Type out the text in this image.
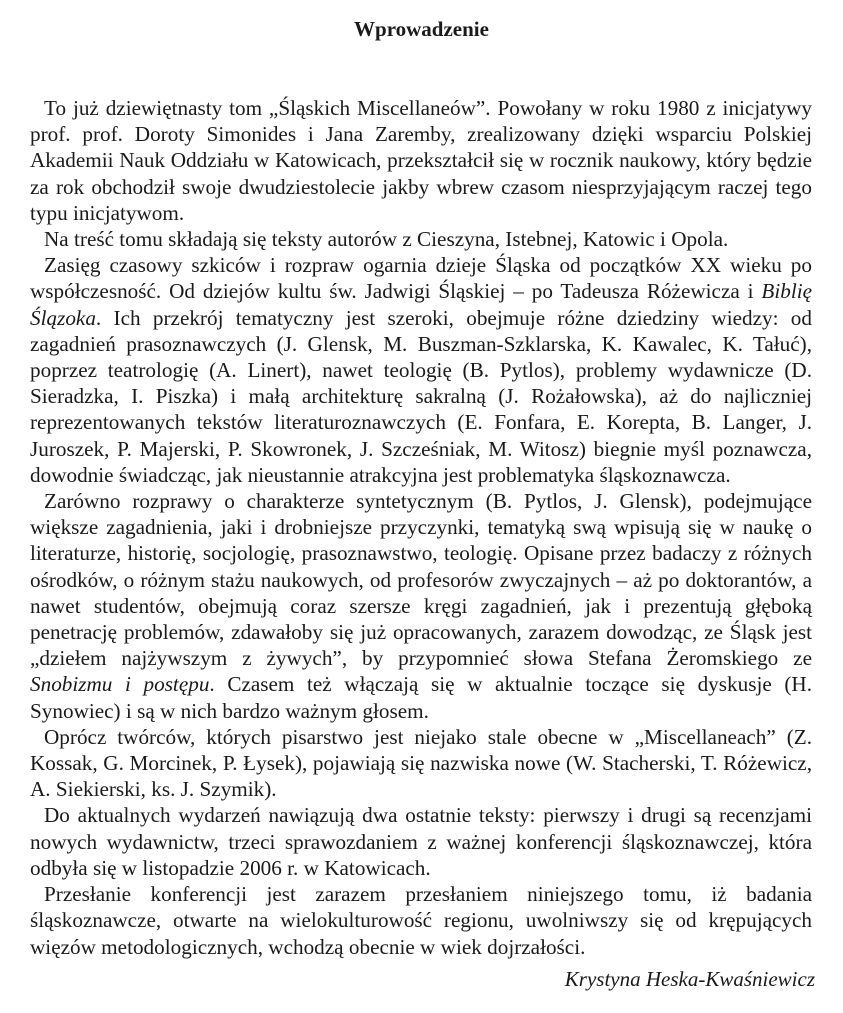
Wprowadzenie

To już dziewiętnasty tom „Śląskich Miscellaneów”. Powołany w roku 1980 z inicjatywy prof. prof. Doroty Simonides i Jana Zaremby, zrealizowany dzięki wsparciu Polskiej Akademii Nauk Oddziału w Katowicach, przekształcił się w rocznik naukowy, który będzie za rok obchodził swoje dwudziestolecie jakby wbrew czasom niesprzyjającym raczej tego typu inicjatywom.

Na treść tomu składają się teksty autorów z Cieszyna, Istebnej, Katowic i Opola.

Zasięg czasowy szkiców i rozpraw ogarnia dzieje Śląska od początków XX wieku po współczesność. Od dziejów kultu św. Jadwigi Śląskiej – po Tadeusza Różewicza i Biblię Ślązoka. Ich przekrój tematyczny jest szeroki, obejmuje różne dziedziny wiedzy: od zagadnień prasoznawczych (J. Glensk, M. Buszman-Szklarska, K. Kawalec, K. Tałuć), poprzez teatrologię (A. Linert), nawet teologię (B. Pytlos), problemy wydawnicze (D. Sieradzka, I. Piszka) i małą architekturę sakralną (J. Rożałowska), aż do najliczniej reprezentowanych tekstów literaturoznawczych (E. Fonfara, E. Korepta, B. Langer, J. Juroszek, P. Majerski, P. Skowronek, J. Szcześniak, M. Witosz) biegnie myśl poznawcza, dowodnie świadcząc, jak nieustannie atrakcyjna jest problematyka śląskoznawcza.

Zarówno rozprawy o charakterze syntetycznym (B. Pytlos, J. Glensk), podejmujące większe zagadnienia, jaki i drobniejsze przyczynki, tematyką swą wpisują się w naukę o literaturze, historię, socjologię, prasoznawstwo, teologię. Opisane przez badaczy z różnych ośrodków, o różnym stażu naukowych, od profesorów zwyczajnych – aż po doktorantów, a nawet studentów, obejmują coraz szersze kręgi zagadnień, jak i prezentują głęboką penetrację problemów, zdawałoby się już opracowanych, zarazem dowodząc, ze Śląsk jest „dziełem najżywszym z żywych”, by przypomnieć słowa Stefana Żeromskiego ze Snobizmu i postępu. Czasem też włączają się w aktualnie toczące się dyskusje (H. Synowiec) i są w nich bardzo ważnym głosem.

Oprócz twórców, których pisarstwo jest niejako stale obecne w „Miscellaneach” (Z. Kossak, G. Morcinek, P. Łysek), pojawiają się nazwiska nowe (W. Stacherski, T. Różewicz, A. Siekierski, ks. J. Szymik).

Do aktualnych wydarzeń nawiązują dwa ostatnie teksty: pierwszy i drugi są recenzjami nowych wydawnictw, trzeci sprawozdaniem z ważnej konferencji śląskoznawczej, która odbyła się w listopadzie 2006 r. w Katowicach.

Przesłanie konferencji jest zarazem przesłaniem niniejszego tomu, iż badania śląskoznawcze, otwarte na wielokulturowość regionu, uwolniwszy się od krępujących więzów metodologicznych, wchodzą obecnie w wiek dojrzałości.

Krystyna Heska-Kwaśniewicz
